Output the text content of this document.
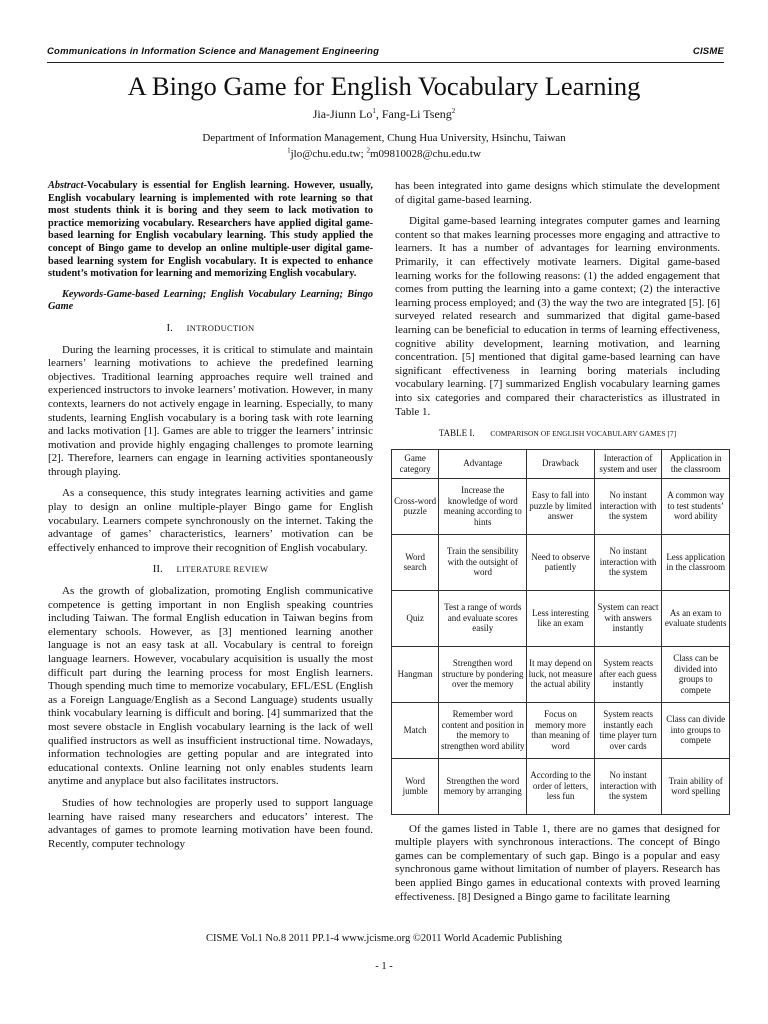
Communications in Information Science and Management Engineering	CISME
A Bingo Game for English Vocabulary Learning
Jia-Jiunn Lo$^1$, Fang-Li Tseng$^2$
Department of Information Management, Chung Hua University, Hsinchu, Taiwan
$^1$jlo@chu.edu.tw; $^2$m09810028@chu.edu.tw

Abstract-Vocabulary is essential for English learning. However, usually, English vocabulary learning is implemented with rote learning so that most students think it is boring and they seem to lack motivation to practice memorizing vocabulary. Researchers have applied digital game-based learning for English vocabulary learning. This study applied the concept of Bingo game to develop an online multiple-user digital game-based learning system for English vocabulary. It is expected to enhance student’s motivation for learning and memorizing English vocabulary.

Keywords-Game-based Learning; English Vocabulary Learning; Bingo Game

I. INTRODUCTION

During the learning processes, it is critical to stimulate and maintain learners’ learning motivations to achieve the predefined learning objectives. Traditional learning approaches require well trained and experienced instructors to invoke learners’ motivation. However, in many contexts, learners do not actively engage in learning. Especially, to many students, learning English vocabulary is a boring task with rote learning and lacks motivation [1]. Games are able to trigger the learners’ intrinsic motivation and provide highly engaging challenges to promote learning [2]. Therefore, learners can engage in learning activities spontaneously through playing.

As a consequence, this study integrates learning activities and game play to design an online multiple-player Bingo game for English vocabulary. Learners compete synchronously on the internet. Taking the advantage of games’ characteristics, learners’ motivation can be effectively enhanced to improve their recognition of English vocabulary.

II. LITERATURE REVIEW

As the growth of globalization, promoting English communicative competence is getting important in non English speaking countries including Taiwan. The formal English education in Taiwan begins from elementary schools. However, as [3] mentioned learning another language is not an easy task at all. Vocabulary is central to foreign language learners. However, vocabulary acquisition is usually the most difficult part during the learning process for most English learners. Though spending much time to memorize vocabulary, EFL/ESL (English as a Foreign Language/English as a Second Language) students usually think vocabulary learning is difficult and boring. [4] summarized that the most severe obstacle in English vocabulary learning is the lack of well qualified instructors as well as insufficient instructional time. Nowadays, information technologies are getting popular and are integrated into educational contexts. Online learning not only enables students learn anytime and anyplace but also facilitates instructors.

Studies of how technologies are properly used to support language learning have raised many researchers and educators’ interest. The advantages of games to promote learning motivation have been found. Recently, computer technology

has been integrated into game designs which stimulate the development of digital game-based learning.

Digital game-based learning integrates computer games and learning content so that makes learning processes more engaging and attractive to learners. It has a number of advantages for learning environments. Primarily, it can effectively motivate learners. Digital game-based learning works for the following reasons: (1) the added engagement that comes from putting the learning into a game context; (2) the interactive learning process employed; and (3) the way the two are integrated [5]. [6] surveyed related research and summarized that digital game-based learning can be beneficial to education in terms of learning effectiveness, cognitive ability development, learning motivation, and learning concentration. [5] mentioned that digital game-based learning can have significant effectiveness in learning boring materials including vocabulary learning. [7] summarized English vocabulary learning games into six categories and compared their characteristics as illustrated in Table 1.

TABLE I. COMPARISON OF ENGLISH VOCABULARY GAMES [7]

Game category	Advantage	Drawback	Interaction of system and user	Application in the classroom
Cross-word puzzle	Increase the knowledge of word meaning according to hints	Easy to fall into puzzle by limited answer	No instant interaction with the system	A common way to test students’ word ability
Word search	Train the sensibility with the outsight of word	Need to observe patiently	No instant interaction with the system	Less application in the classroom
Quiz	Test a range of words and evaluate scores easily	Less interesting like an exam	System can react with answers instantly	As an exam to evaluate students
Hangman	Strengthen word structure by pondering over the memory	It may depend on luck, not measure the actual ability	System reacts after each guess instantly	Class can be divided into groups to compete
Match	Remember word content and position in the memory to strengthen word ability	Focus on memory more than meaning of word	System reacts instantly each time player turn over cards	Class can divide into groups to compete
Word jumble	Strengthen the word memory by arranging	According to the order of letters, less fun	No instant interaction with the system	Train ability of word spelling

Of the games listed in Table 1, there are no games that designed for multiple players with synchronous interactions. The concept of Bingo games can be complementary of such gap. Bingo is a popular and easy synchronous game without limitation of number of players. Research has been applied Bingo games in educational contexts with proved learning effectiveness. [8] Designed a Bingo game to facilitate learning

CISME Vol.1 No.8 2011 PP.1-4 www.jcisme.org ©2011 World Academic Publishing
- 1 -
